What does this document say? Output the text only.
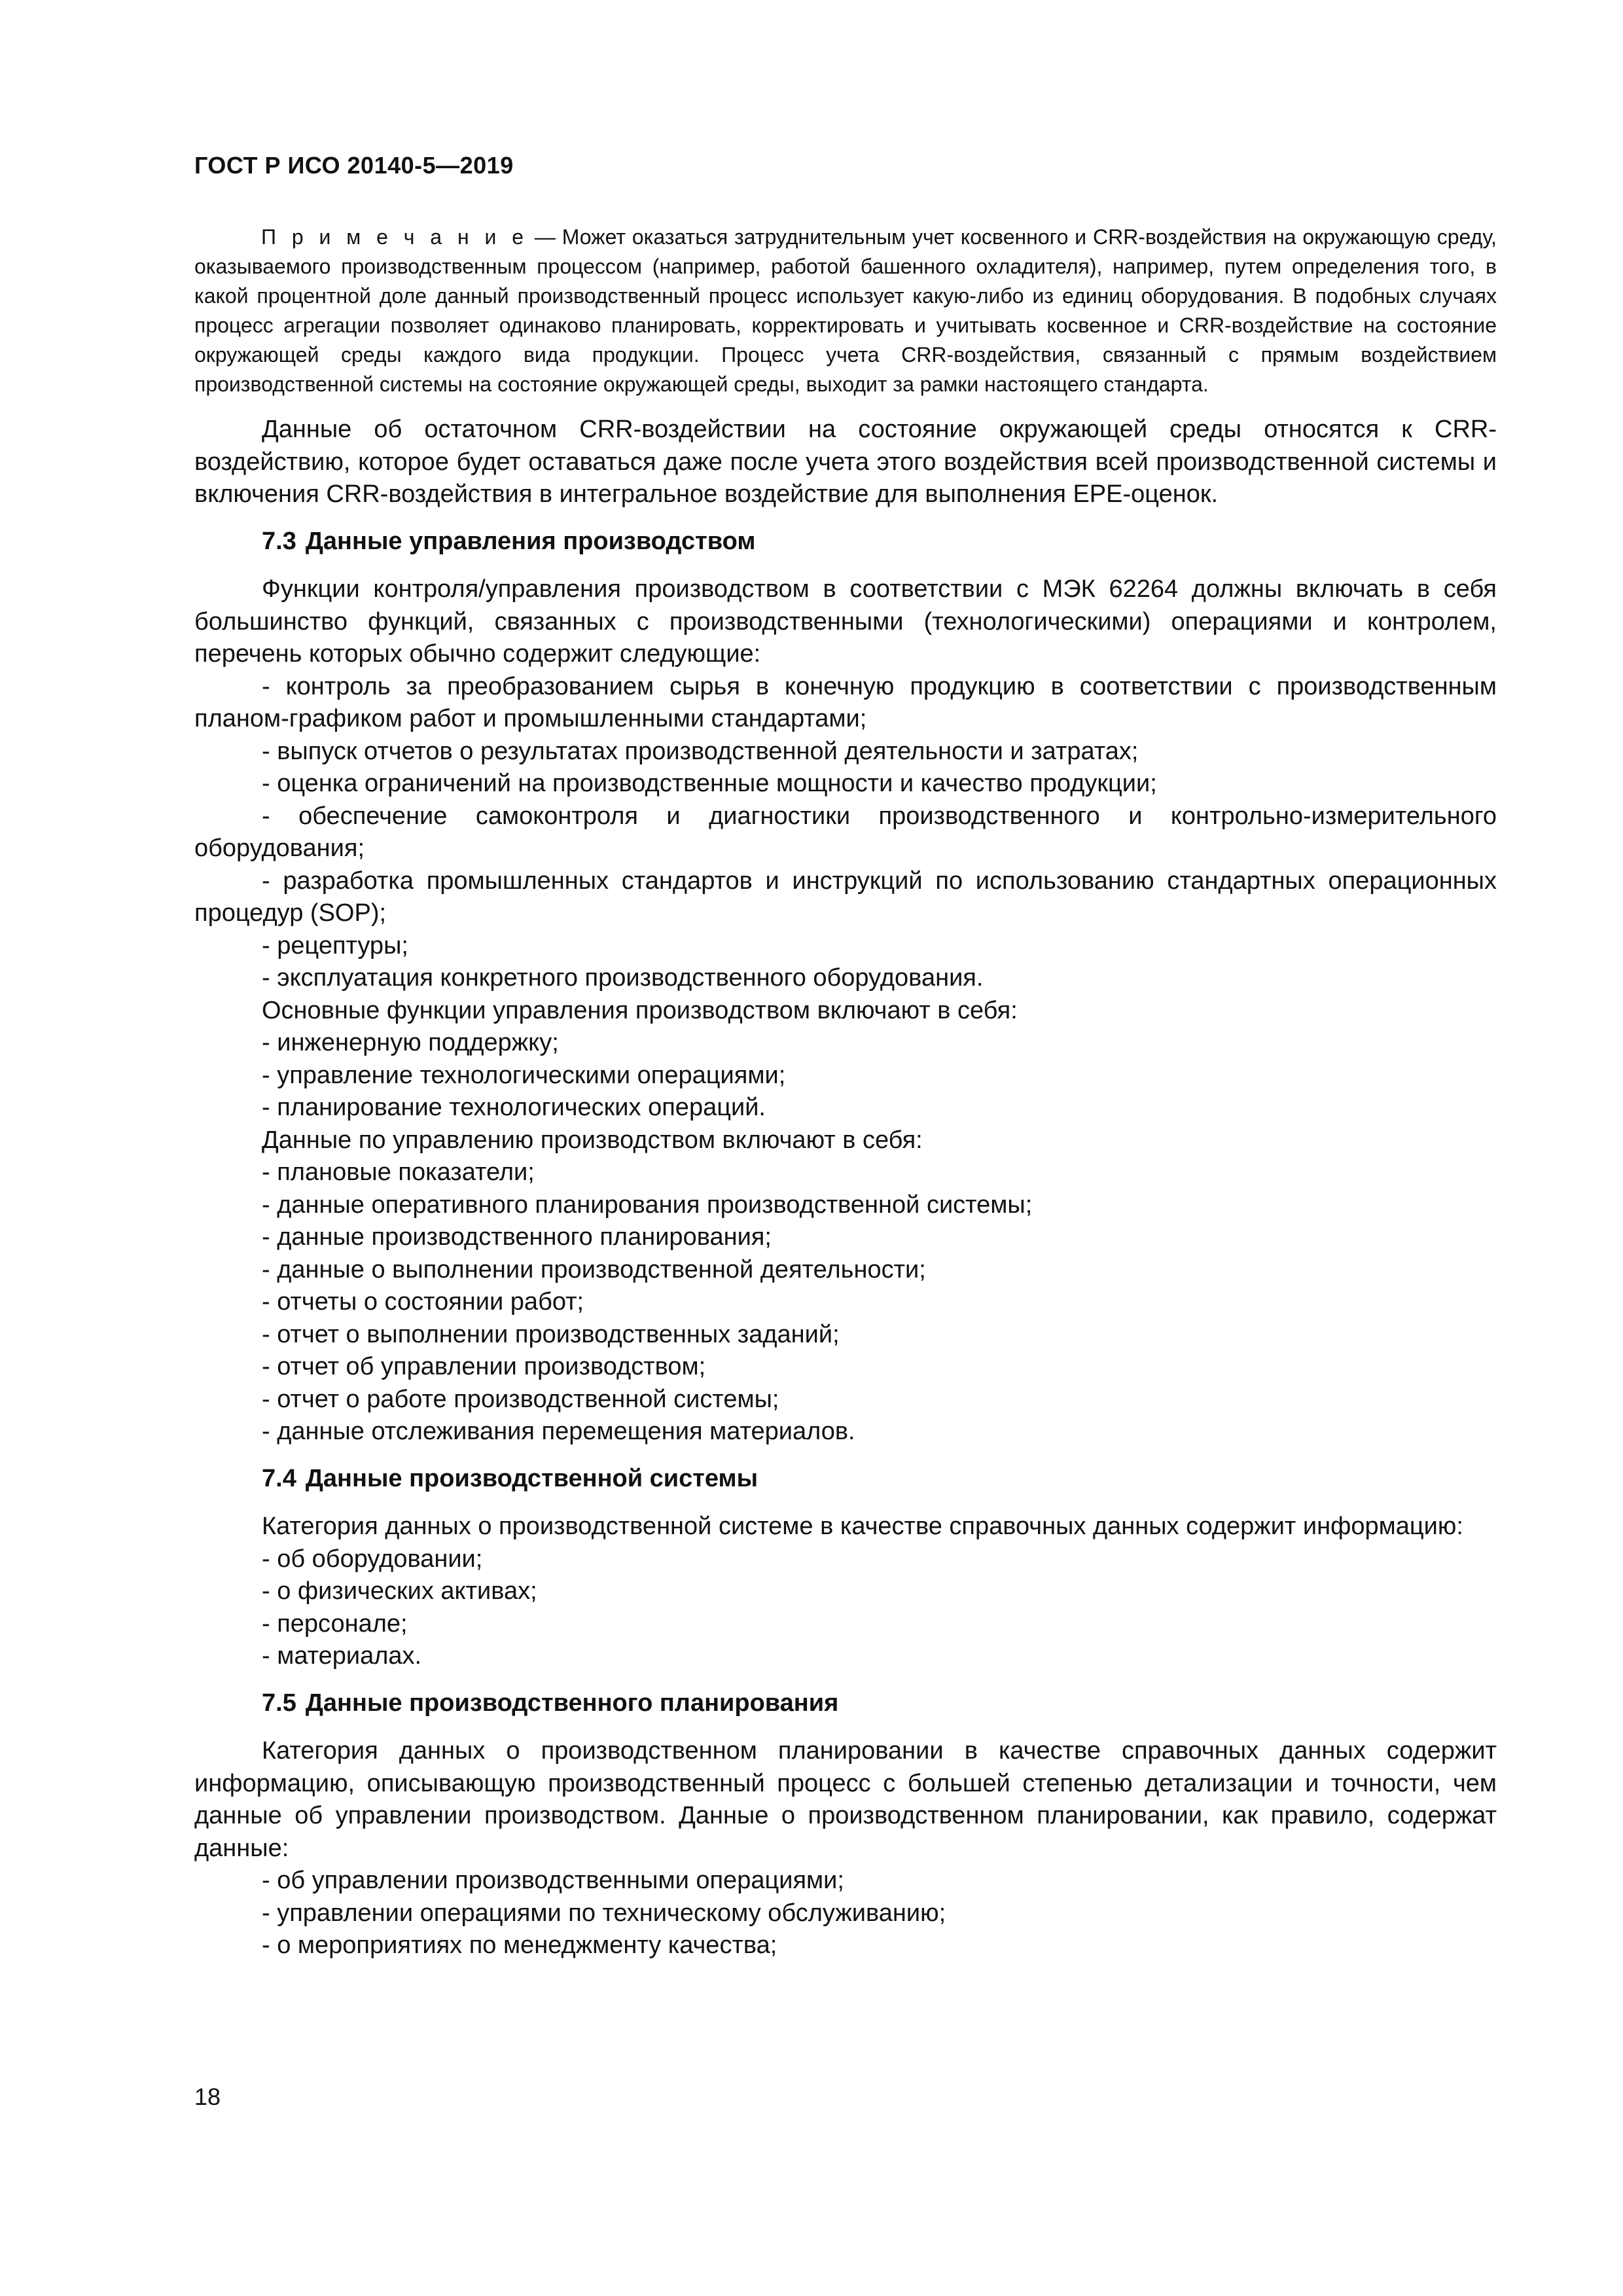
ГОСТ Р ИСО 20140-5—2019

П р и м е ч а н и е — Может оказаться затруднительным учет косвенного и CRR-воздействия на окружающую среду, оказываемого производственным процессом (например, работой башенного охладителя), например, путем определения того, в какой процентной доле данный производственный процесс использует какую-либо из единиц оборудования. В подобных случаях процесс агрегации позволяет одинаково планировать, корректировать и учитывать косвенное и CRR-воздействие на состояние окружающей среды каждого вида продукции. Процесс учета CRR-воздействия, связанный с прямым воздействием производственной системы на состояние окружающей среды, выходит за рамки настоящего стандарта.

Данные об остаточном CRR-воздействии на состояние окружающей среды относятся к CRR-воздействию, которое будет оставаться даже после учета этого воздействия всей производственной системы и включения CRR-воздействия в интегральное воздействие для выполнения EPE-оценок.

7.3 Данные управления производством

Функции контроля/управления производством в соответствии с МЭК 62264 должны включать в себя большинство функций, связанных с производственными (технологическими) операциями и контролем, перечень которых обычно содержит следующие:

- контроль за преобразованием сырья в конечную продукцию в соответствии с производственным планом-графиком работ и промышленными стандартами;
- выпуск отчетов о результатах производственной деятельности и затратах;
- оценка ограничений на производственные мощности и качество продукции;
- обеспечение самоконтроля и диагностики производственного и контрольно-измерительного оборудования;
- разработка промышленных стандартов и инструкций по использованию стандартных операционных процедур (SOP);
- рецептуры;
- эксплуатация конкретного производственного оборудования.

Основные функции управления производством включают в себя:

- инженерную поддержку;
- управление технологическими операциями;
- планирование технологических операций.

Данные по управлению производством включают в себя:

- плановые показатели;
- данные оперативного планирования производственной системы;
- данные производственного планирования;
- данные о выполнении производственной деятельности;
- отчеты о состоянии работ;
- отчет о выполнении производственных заданий;
- отчет об управлении производством;
- отчет о работе производственной системы;
- данные отслеживания перемещения материалов.
7.4 Данные производственной системы

Категория данных о производственной системе в качестве справочных данных содержит информацию:

- об оборудовании;
- о физических активах;
- персонале;
- материалах.
7.5 Данные производственного планирования

Категория данных о производственном планировании в качестве справочных данных содержит информацию, описывающую производственный процесс с большей степенью детализации и точности, чем данные об управлении производством. Данные о производственном планировании, как правило, содержат данные:

- об управлении производственными операциями;
- управлении операциями по техническому обслуживанию;
- о мероприятиях по менеджменту качества;
18
